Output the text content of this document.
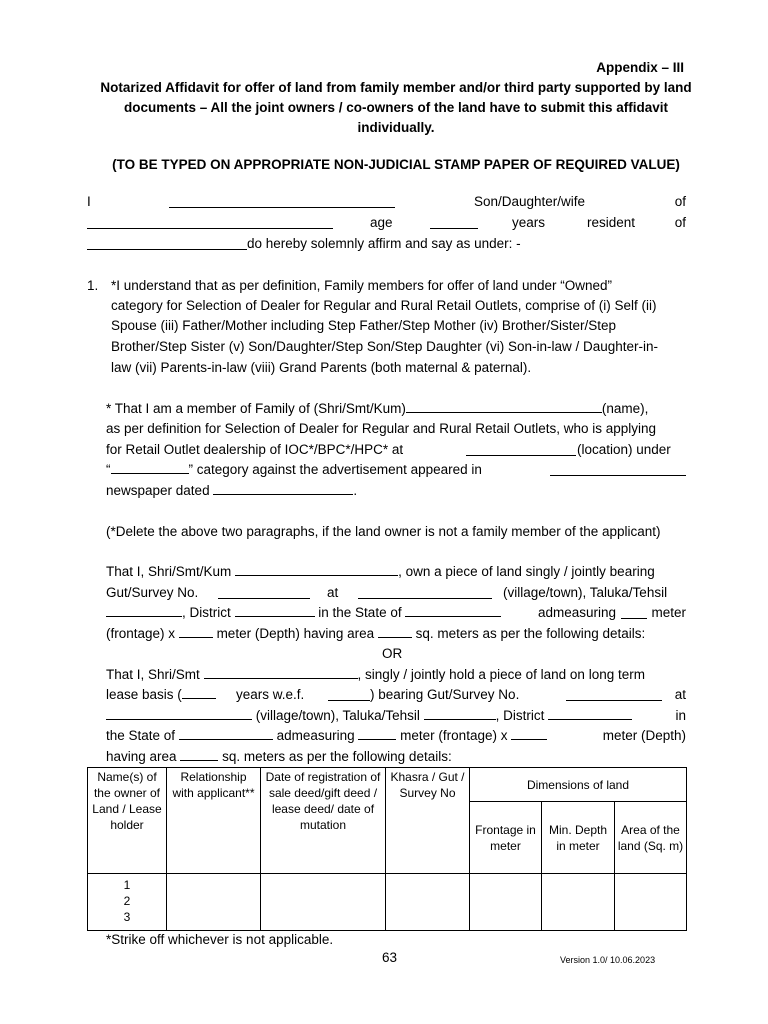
Appendix – III
Notarized Affidavit for offer of land from family member and/or third party supported by land documents – All the joint owners / co-owners of the land have to submit this affidavit individually.
(TO BE TYPED ON APPROPRIATE NON-JUDICIAL STAMP PAPER OF REQUIRED VALUE)
I	Son/Daughter/wife	of
age	years	resident	of
do hereby solemnly affirm and say as under: -
1. *I understand that as per definition, Family members for offer of land under “Owned”
category for Selection of Dealer for Regular and Rural Retail Outlets, comprise of (i) Self (ii)
Spouse (iii) Father/Mother including Step Father/Step Mother (iv) Brother/Sister/Step
Brother/Step Sister (v) Son/Daughter/Step Son/Step Daughter (vi) Son-in-law / Daughter-in-
law (vii) Parents-in-law (viii) Grand Parents (both maternal & paternal).
* That I am a member of Family of (Shri/Smt/Kum)	(name),
as per definition for Selection of Dealer for Regular and Rural Retail Outlets, who is applying
for Retail Outlet dealership of IOC*/BPC*/HPC* at	(location) under
“	” category against the advertisement appeared in
newspaper dated	.
(*Delete the above two paragraphs, if the land owner is not a family member of the applicant)
That I, Shri/Smt/Kum	, own a piece of land singly / jointly bearing
Gut/Survey No.	at	(village/town), Taluka/Tehsil
, District	in the State of	admeasuring	meter
(frontage) x	meter (Depth) having area	sq. meters as per the following details:
OR
That I, Shri/Smt	, singly / jointly hold a piece of land on long term
lease basis (	years w.e.f.	) bearing Gut/Survey No.	at
(village/town), Taluka/Tehsil	, District	in
the State of	admeasuring	meter (frontage) x	meter (Depth)
having area	sq. meters as per the following details:
Name(s) of the owner of Land / Lease holder	Relationship with applicant**	Date of registration of sale deed/gift deed / lease deed/ date of mutation	Khasra / Gut / Survey No	Dimensions of land		
				Frontage in meter	Min. Depth in meter	Area of the land (Sq. m)

1
2
3						

*Strike off whichever is not applicable.
63	Version 1.0/ 10.06.2023
